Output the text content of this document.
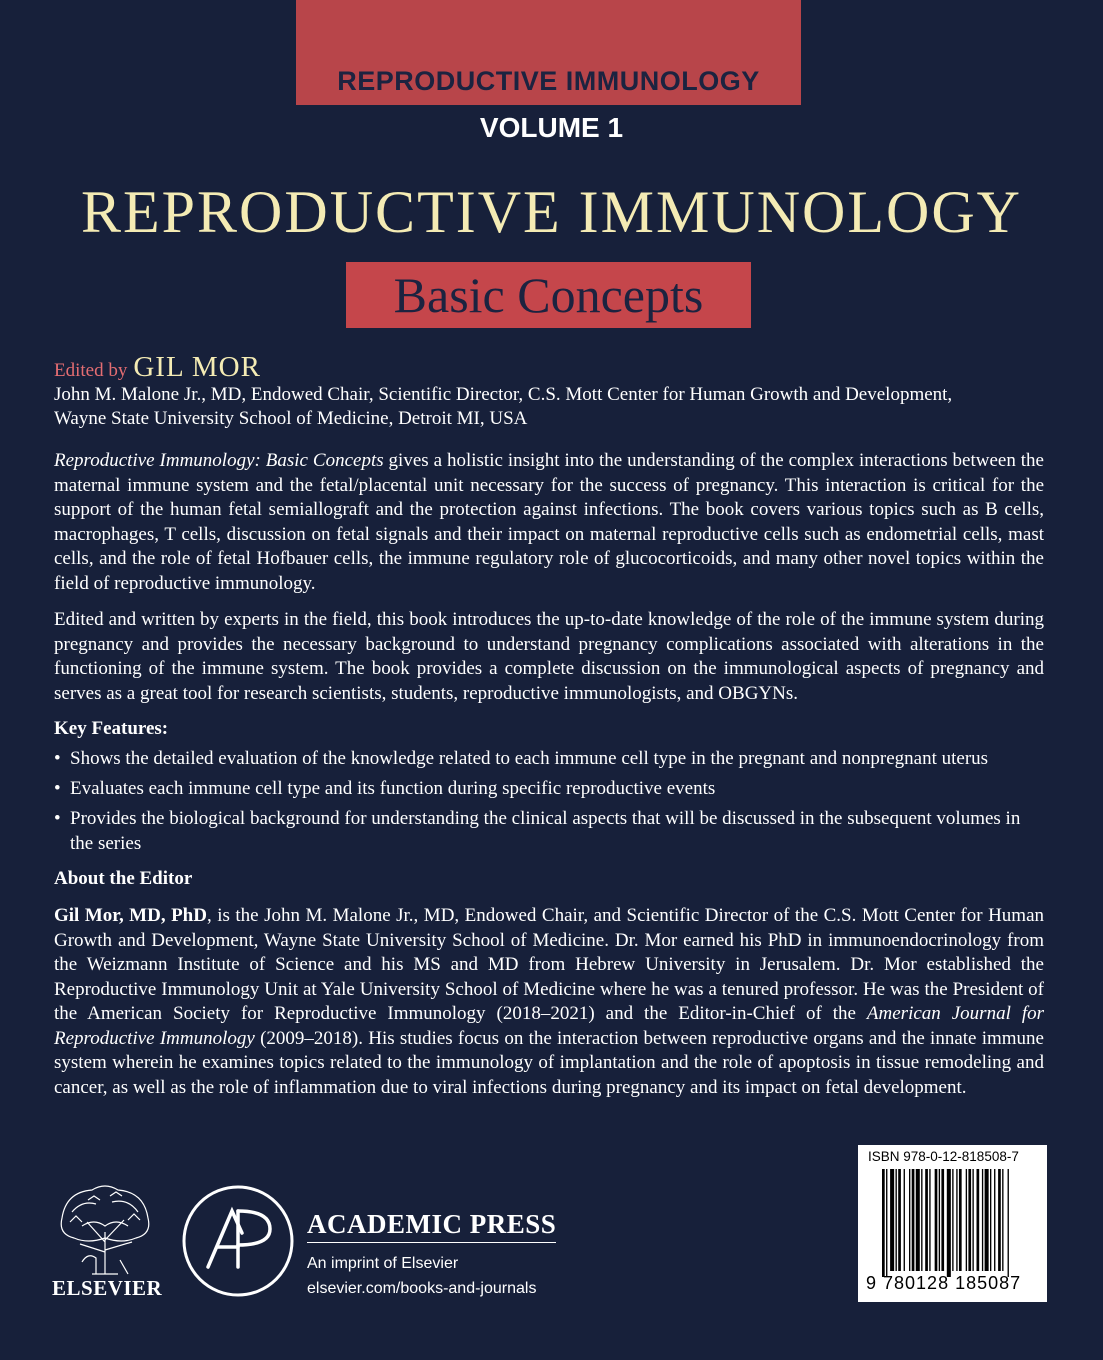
REPRODUCTIVE IMMUNOLOGY
VOLUME 1
REPRODUCTIVE IMMUNOLOGY
Basic Concepts
Edited by GIL MOR
John M. Malone Jr., MD, Endowed Chair, Scientific Director, C.S. Mott Center for Human Growth and Development,
Wayne State University School of Medicine, Detroit MI, USA
Reproductive Immunology: Basic Concepts gives a holistic insight into the understanding of the complex interactions between the maternal immune system and the fetal/placental unit necessary for the success of pregnancy. This interaction is critical for the support of the human fetal semiallograft and the protection against infections. The book covers various topics such as B cells, macrophages, T cells, discussion on fetal signals and their impact on maternal reproductive cells such as endometrial cells, mast cells, and the role of fetal Hofbauer cells, the immune regulatory role of glucocorticoids, and many other novel topics within the field of reproductive immunology.
Edited and written by experts in the field, this book introduces the up-to-date knowledge of the role of the immune system during pregnancy and provides the necessary background to understand pregnancy complications associated with alterations in the functioning of the immune system. The book provides a complete discussion on the immunological aspects of pregnancy and serves as a great tool for research scientists, students, reproductive immunologists, and OBGYNs.
Key Features:
• Shows the detailed evaluation of the knowledge related to each immune cell type in the pregnant and nonpregnant uterus
• Evaluates each immune cell type and its function during specific reproductive events
• Provides the biological background for understanding the clinical aspects that will be discussed in the subsequent volumes in the series
About the Editor
Gil Mor, MD, PhD, is the John M. Malone Jr., MD, Endowed Chair, and Scientific Director of the C.S. Mott Center for Human Growth and Development, Wayne State University School of Medicine. Dr. Mor earned his PhD in immunoendocrinology from the Weizmann Institute of Science and his MS and MD from Hebrew University in Jerusalem. Dr. Mor established the Reproductive Immunology Unit at Yale University School of Medicine where he was a tenured professor. He was the President of the American Society for Reproductive Immunology (2018–2021) and the Editor-in-Chief of the American Journal for Reproductive Immunology (2009–2018). His studies focus on the interaction between reproductive organs and the innate immune system wherein he examines topics related to the immunology of implantation and the role of apoptosis in tissue remodeling and cancer, as well as the role of inflammation due to viral infections during pregnancy and its impact on fetal development.
ELSEVIER
ACADEMIC PRESS
An imprint of Elsevier
elsevier.com/books-and-journals
ISBN 978-0-12-818508-7
9 780128 185087
